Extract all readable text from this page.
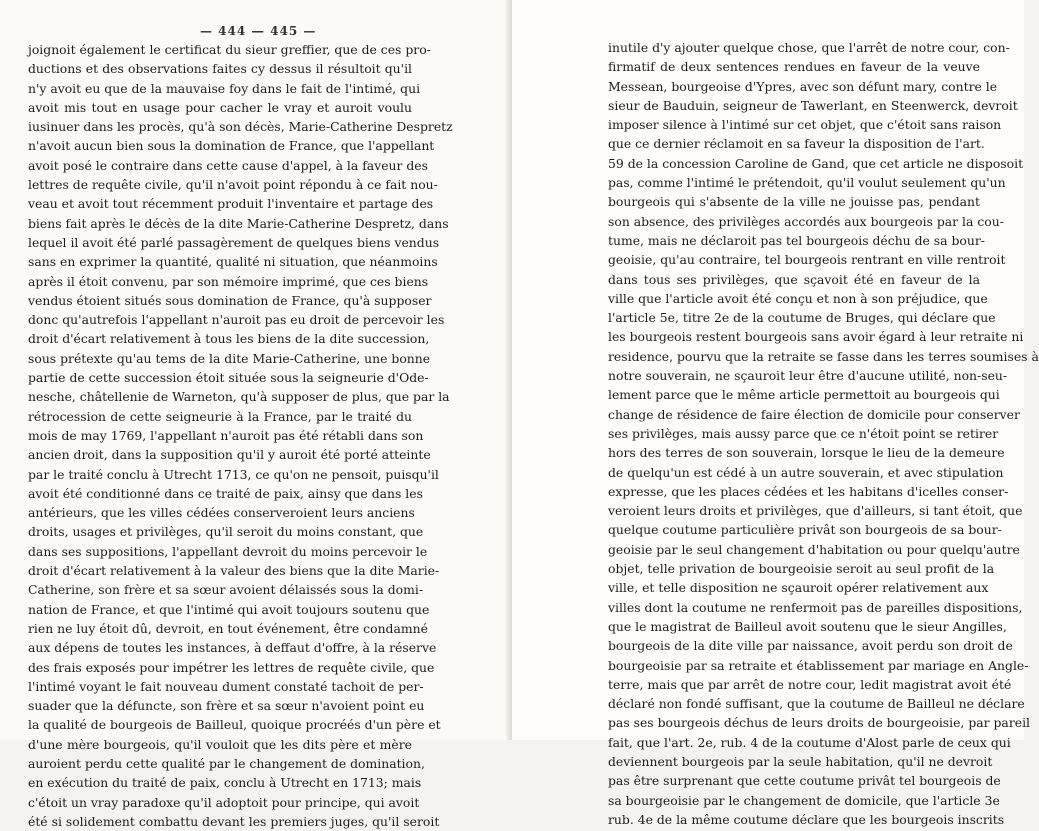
— 444 —
joignoit également le certificat du sieur greffier, que de ces pro-
ductions et des observations faites cy dessus il résultoit qu'il
n'y avoit eu que de la mauvaise foy dans le fait de l'intimé, qui
avoit mis tout en usage pour cacher le vray et auroit voulu
iusinuer dans les procès, qu'à son décès, Marie-Catherine Despretz
n'avoit aucun bien sous la domination de France, que l'appellant
avoit posé le contraire dans cette cause d'appel, à la faveur des
lettres de requête civile, qu'il n'avoit point répondu à ce fait nou-
veau et avoit tout récemment produit l'inventaire et partage des
biens fait après le décès de la dite Marie-Catherine Despretz, dans
lequel il avoit été parlé passagèrement de quelques biens vendus
sans en exprimer la quantité, qualité ni situation, que néanmoins
après il étoit convenu, par son mémoire imprimé, que ces biens
vendus étoient situés sous domination de France, qu'à supposer
donc qu'autrefois l'appellant n'auroit pas eu droit de percevoir les
droit d'écart relativement à tous les biens de la dite succession,
sous prétexte qu'au tems de la dite Marie-Catherine, une bonne
partie de cette succession étoit située sous la seigneurie d'Ode-
nesche, châtellenie de Warneton, qu'à supposer de plus, que par la
rétrocession de cette seigneurie à la France, par le traité du
mois de may 1769, l'appellant n'auroit pas été rétabli dans son
ancien droit, dans la supposition qu'il y auroit été porté atteinte
par le traité conclu à Utrecht 1713, ce qu'on ne pensoit, puisqu'il
avoit été conditionné dans ce traité de paix, ainsy que dans les
antérieurs, que les villes cédées conserveroient leurs anciens
droits, usages et privilèges, qu'il seroit du moins constant, que
dans ses suppositions, l'appellant devroit du moins percevoir le
droit d'écart relativement à la valeur des biens que la dite Marie-
Catherine, son frère et sa sœur avoient délaissés sous la domi-
nation de France, et que l'intimé qui avoit toujours soutenu que
rien ne luy étoit dû, devroit, en tout événement, être condamné
aux dépens de toutes les instances, à deffaut d'offre, à la réserve
des frais exposés pour impétrer les lettres de requête civile, que
l'intimé voyant le fait nouveau dument constaté tachoit de per-
suader que la défuncte, son frère et sa sœur n'avoient point eu
la qualité de bourgeois de Bailleul, quoique procréés d'un père et
d'une mère bourgeois, qu'il vouloit que les dits père et mère
auroient perdu cette qualité par le changement de domination,
en exécution du traité de paix, conclu à Utrecht en 1713; mais
c'étoit un vray paradoxe qu'il adoptoit pour principe, qui avoit
été si solidement combattu devant les premiers juges, qu'il seroit
— 445 —
inutile d'y ajouter quelque chose, que l'arrêt de notre cour, con-
firmatif de deux sentences rendues en faveur de la veuve
Messean, bourgeoise d'Ypres, avec son défunt mary, contre le
sieur de Bauduin, seigneur de Tawerlant, en Steenwerck, devroit
imposer silence à l'intimé sur cet objet, que c'étoit sans raison
que ce dernier réclamoit en sa faveur la disposition de l'art.
59 de la concession Caroline de Gand, que cet article ne disposoit
pas, comme l'intimé le prétendoit, qu'il voulut seulement qu'un
bourgeois qui s'absente de la ville ne jouisse pas, pendant
son absence, des privilèges accordés aux bourgeois par la cou-
tume, mais ne déclaroit pas tel bourgeois déchu de sa bour-
geoisie, qu'au contraire, tel bourgeois rentrant en ville rentroit
dans tous ses privilèges, que sçavoit été en faveur de la
ville que l'article avoit été conçu et non à son préjudice, que
l'article 5e, titre 2e de la coutume de Bruges, qui déclare que
les bourgeois restent bourgeois sans avoir égard à leur retraite ni
residence, pourvu que la retraite se fasse dans les terres soumises à
notre souverain, ne sçauroit leur être d'aucune utilité, non-seu-
lement parce que le même article permettoit au bourgeois qui
change de résidence de faire élection de domicile pour conserver
ses privilèges, mais aussy parce que ce n'étoit point se retirer
hors des terres de son souverain, lorsque le lieu de la demeure
de quelqu'un est cédé à un autre souverain, et avec stipulation
expresse, que les places cédées et les habitans d'icelles conser-
veroient leurs droits et privilèges, que d'ailleurs, si tant étoit, que
quelque coutume particulière privât son bourgeois de sa bour-
geoisie par le seul changement d'habitation ou pour quelqu'autre
objet, telle privation de bourgeoisie seroit au seul profit de la
ville, et telle disposition ne sçauroit opérer relativement aux
villes dont la coutume ne renfermoit pas de pareilles dispositions,
que le magistrat de Bailleul avoit soutenu que le sieur Angilles,
bourgeois de la dite ville par naissance, avoit perdu son droit de
bourgeoisie par sa retraite et établissement par mariage en Angle-
terre, mais que par arrêt de notre cour, ledit magistrat avoit été
déclaré non fondé suffisant, que la coutume de Bailleul ne déclare
pas ses bourgeois déchus de leurs droits de bourgeoisie, par pareil
fait, que l'art. 2e, rub. 4 de la coutume d'Alost parle de ceux qui
deviennent bourgeois par la seule habitation, qu'il ne devroit
pas être surprenant que cette coutume privât tel bourgeois de
sa bourgeoisie par le changement de domicile, que l'article 3e
rub. 4e de la même coutume déclare que les bourgeois inscrits
